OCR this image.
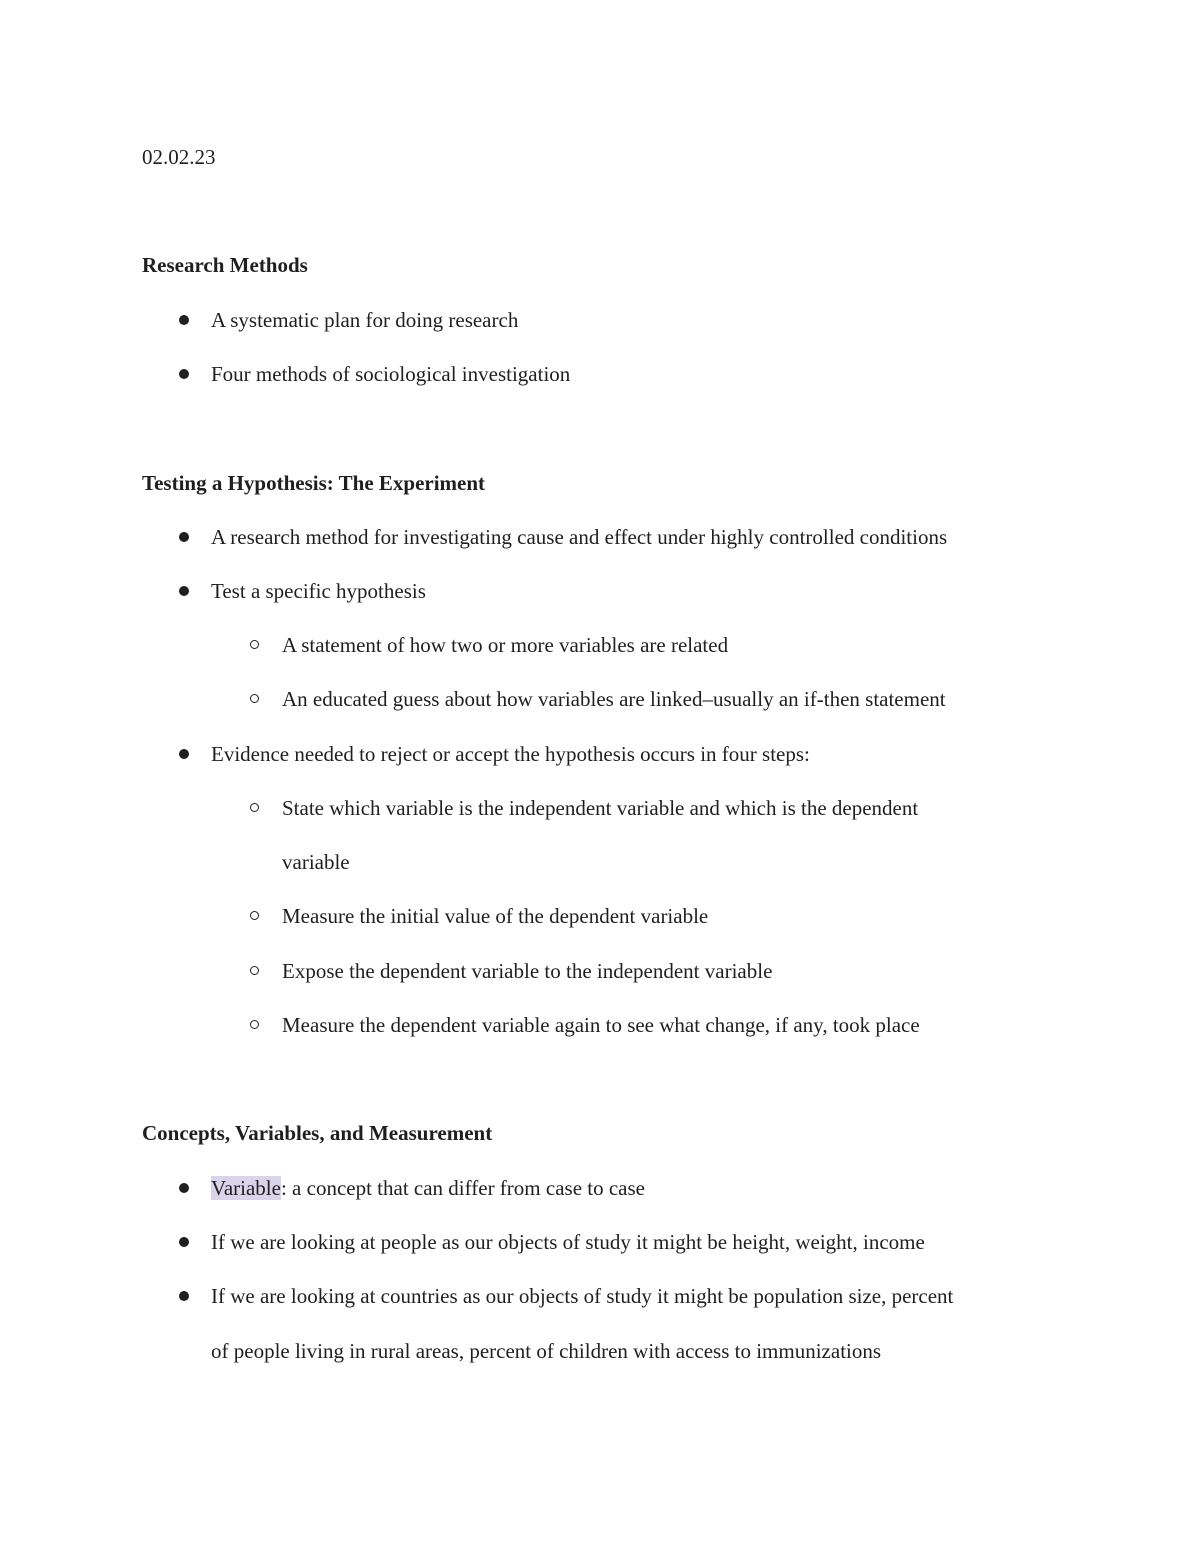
02.02.23
Research Methods
A systematic plan for doing research
Four methods of sociological investigation
Testing a Hypothesis: The Experiment
A research method for investigating cause and effect under highly controlled conditions
Test a specific hypothesis
A statement of how two or more variables are related
An educated guess about how variables are linked–usually an if-then statement
Evidence needed to reject or accept the hypothesis occurs in four steps:
State which variable is the independent variable and which is the dependent
variable
Measure the initial value of the dependent variable
Expose the dependent variable to the independent variable
Measure the dependent variable again to see what change, if any, took place
Concepts, Variables, and Measurement
Variable: a concept that can differ from case to case
If we are looking at people as our objects of study it might be height, weight, income
If we are looking at countries as our objects of study it might be population size, percent
of people living in rural areas, percent of children with access to immunizations
